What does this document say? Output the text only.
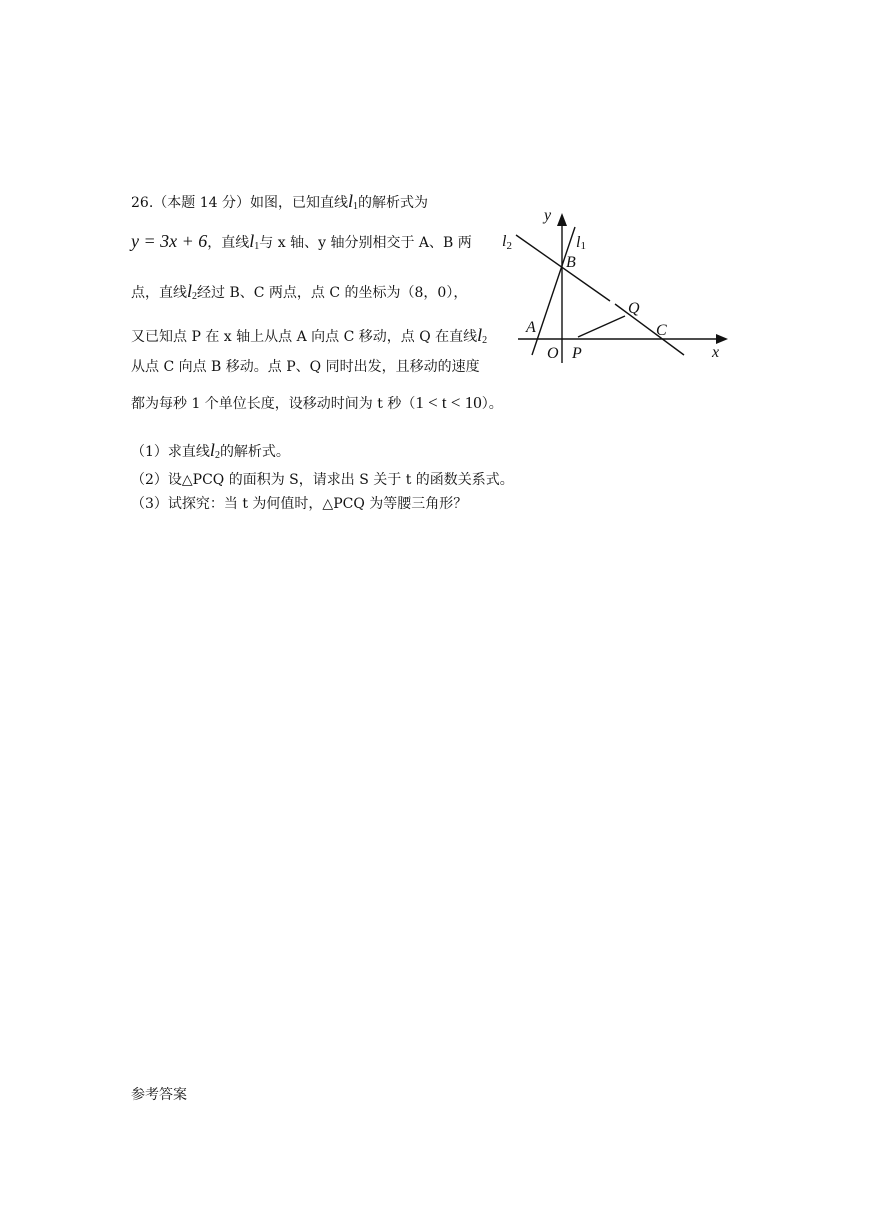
26.（本题 14 分）如图，已知直线$l_1$的解析式为
y = 3x + 6，直线$l_1$与 x 轴、y 轴分别相交于 A、B 两
点，直线$l_2$经过 B、C 两点，点 C 的坐标为（8，0），
又已知点 P 在 x 轴上从点 A 向点 C 移动，点 Q 在直线$l_2$
从点 C 向点 B 移动。点 P、Q 同时出发，且移动的速度
都为每秒 1 个单位长度，设移动时间为 t 秒（1 < t < 10）。
（1）求直线$l_2$的解析式。
（2）设△PCQ 的面积为 S，请求出 S 关于 t 的函数关系式。
（3）试探究：当 t 为何值时，△PCQ 为等腰三角形？
y
x
l2	l1
B
Q
A	C
O P
参考答案
